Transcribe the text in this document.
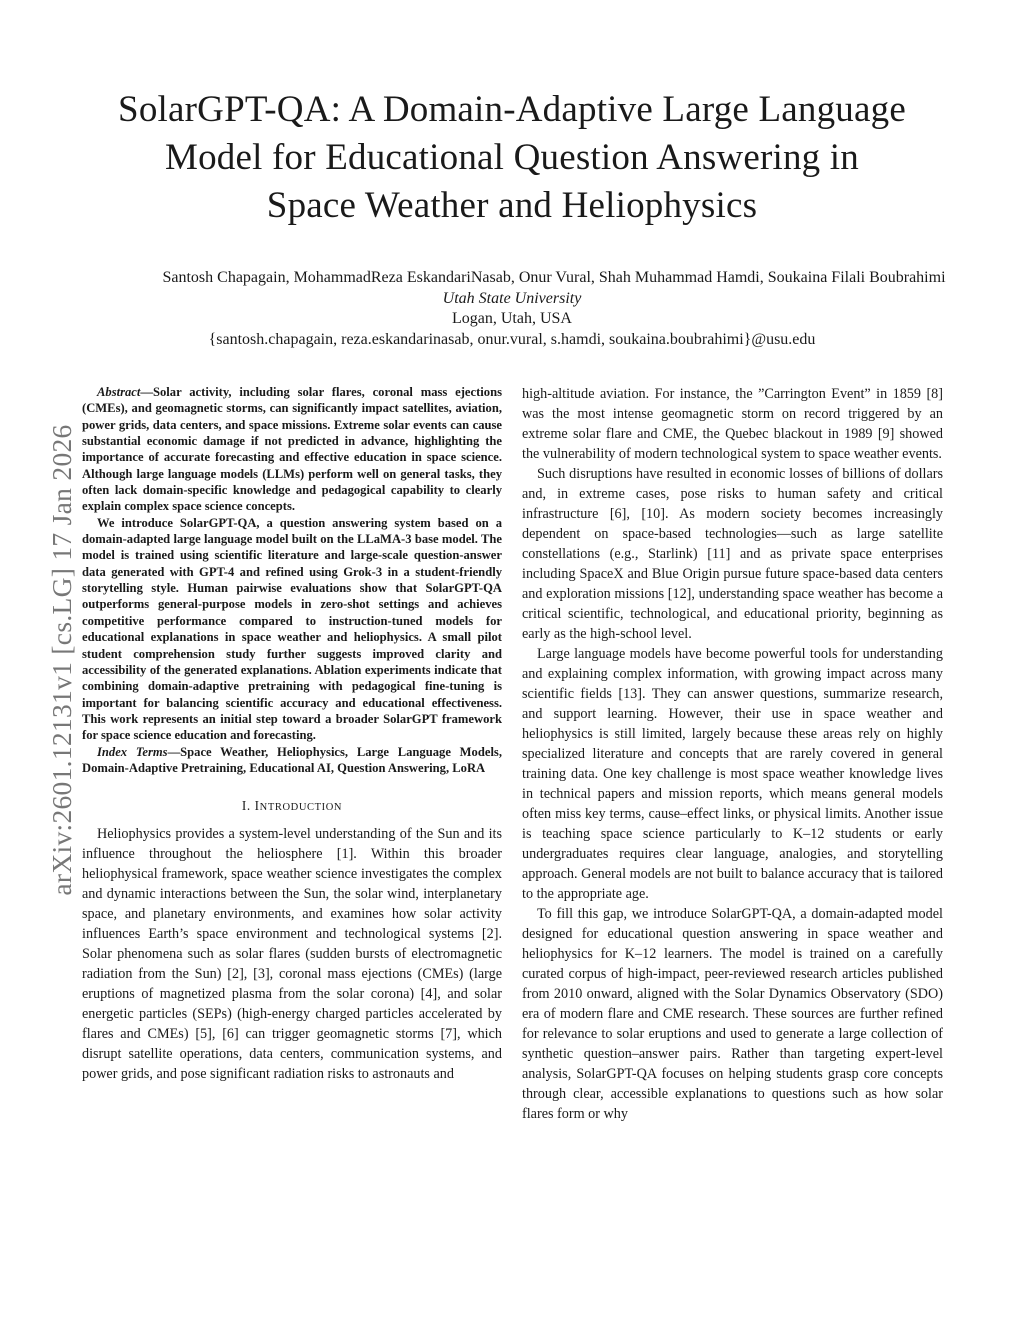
SolarGPT-QA: A Domain-Adaptive Large Language
Model for Educational Question Answering in
Space Weather and Heliophysics
Santosh Chapagain, MohammadReza EskandariNasab, Onur Vural, Shah Muhammad Hamdi, Soukaina Filali Boubrahimi
Utah State University
Logan, Utah, USA
{santosh.chapagain, reza.eskandarinasab, onur.vural, s.hamdi, soukaina.boubrahimi}@usu.edu
arXiv:2601.12131v1 [cs.LG] 17 Jan 2026

Abstract—Solar activity, including solar flares, coronal mass ejections (CMEs), and geomagnetic storms, can significantly impact satellites, aviation, power grids, data centers, and space missions. Extreme solar events can cause substantial economic damage if not predicted in advance, highlighting the importance of accurate forecasting and effective education in space science. Although large language models (LLMs) perform well on general tasks, they often lack domain-specific knowledge and pedagogical capability to clearly explain complex space science concepts.

We introduce SolarGPT-QA, a question answering system based on a domain-adapted large language model built on the LLaMA-3 base model. The model is trained using scientific literature and large-scale question-answer data generated with GPT-4 and refined using Grok-3 in a student-friendly storytelling style. Human pairwise evaluations show that SolarGPT-QA outperforms general-purpose models in zero-shot settings and achieves competitive performance compared to instruction-tuned models for educational explanations in space weather and heliophysics. A small pilot student comprehension study further suggests improved clarity and accessibility of the generated explanations. Ablation experiments indicate that combining domain-adaptive pretraining with pedagogical fine-tuning is important for balancing scientific accuracy and educational effectiveness. This work represents an initial step toward a broader SolarGPT framework for space science education and forecasting.

Index Terms—Space Weather, Heliophysics, Large Language Models, Domain-Adaptive Pretraining, Educational AI, Question Answering, LoRA

I. INTRODUCTION

Heliophysics provides a system-level understanding of the Sun and its influence throughout the heliosphere [1]. Within this broader heliophysical framework, space weather science investigates the complex and dynamic interactions between the Sun, the solar wind, interplanetary space, and planetary environments, and examines how solar activity influences Earth’s space environment and technological systems [2]. Solar phenomena such as solar flares (sudden bursts of electromagnetic radiation from the Sun) [2], [3], coronal mass ejections (CMEs) (large eruptions of magnetized plasma from the solar corona) [4], and solar energetic particles (SEPs) (high-energy charged particles accelerated by flares and CMEs) [5], [6] can trigger geomagnetic storms [7], which disrupt satellite operations, data centers, communication systems, and power grids, and pose significant radiation risks to astronauts and

high-altitude aviation. For instance, the ”Carrington Event” in 1859 [8] was the most intense geomagnetic storm on record triggered by an extreme solar flare and CME, the Quebec blackout in 1989 [9] showed the vulnerability of modern technological system to space weather events.

Such disruptions have resulted in economic losses of billions of dollars and, in extreme cases, pose risks to human safety and critical infrastructure [6], [10]. As modern society becomes increasingly dependent on space-based technologies—such as large satellite constellations (e.g., Starlink) [11] and as private space enterprises including SpaceX and Blue Origin pursue future space-based data centers and exploration missions [12], understanding space weather has become a critical scientific, technological, and educational priority, beginning as early as the high-school level.

Large language models have become powerful tools for understanding and explaining complex information, with growing impact across many scientific fields [13]. They can answer questions, summarize research, and support learning. However, their use in space weather and heliophysics is still limited, largely because these areas rely on highly specialized literature and concepts that are rarely covered in general training data. One key challenge is most space weather knowledge lives in technical papers and mission reports, which means general models often miss key terms, cause–effect links, or physical limits. Another issue is teaching space science particularly to K–12 students or early undergraduates requires clear language, analogies, and storytelling approach. General models are not built to balance accuracy that is tailored to the appropriate age.

To fill this gap, we introduce SolarGPT-QA, a domain-adapted model designed for educational question answering in space weather and heliophysics for K–12 learners. The model is trained on a carefully curated corpus of high-impact, peer-reviewed research articles published from 2010 onward, aligned with the Solar Dynamics Observatory (SDO) era of modern flare and CME research. These sources are further refined for relevance to solar eruptions and used to generate a large collection of synthetic question–answer pairs. Rather than targeting expert-level analysis, SolarGPT-QA focuses on helping students grasp core concepts through clear, accessible explanations to questions such as how solar flares form or why
